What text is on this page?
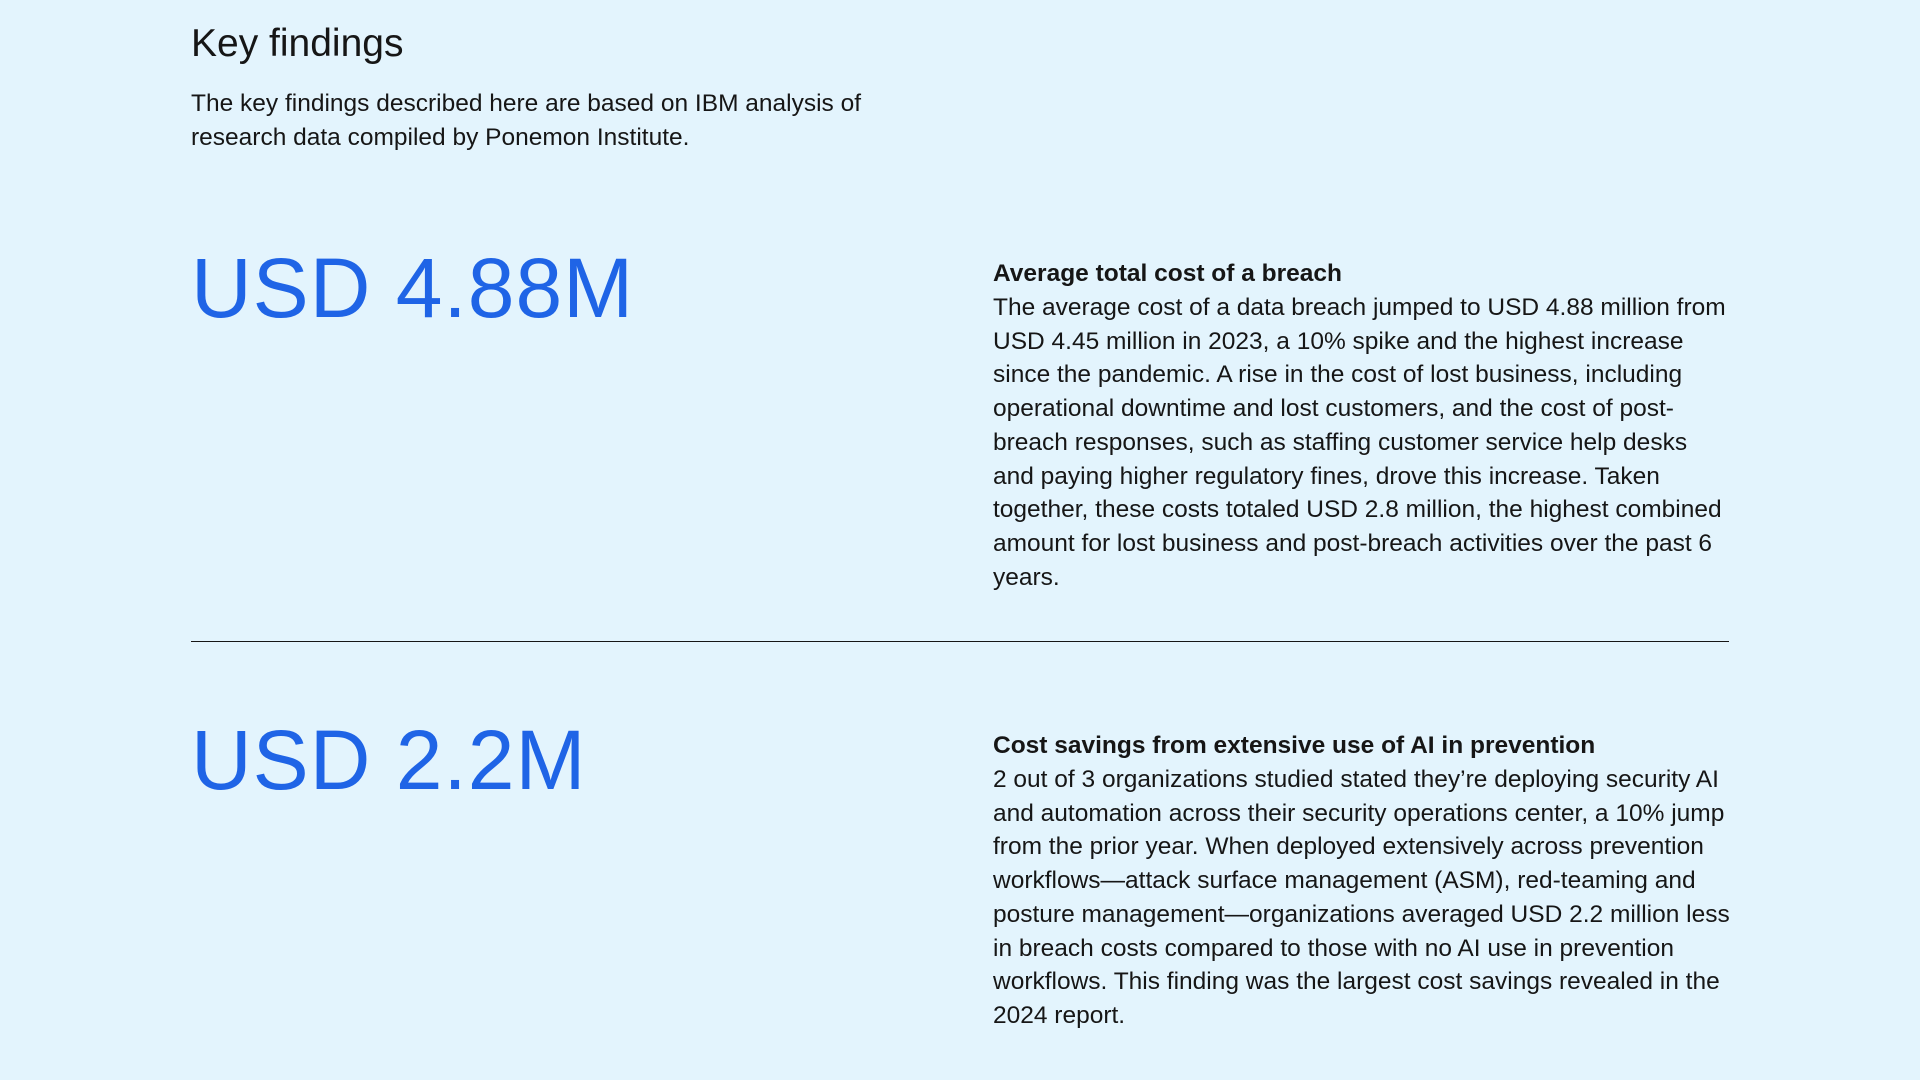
Key findings

The key findings described here are based on IBM analysis of research data compiled by Ponemon Institute.

USD 4.88M	Average total cost of a breach

The average cost of a data breach jumped to USD 4.88 million from USD 4.45 million in 2023, a 10% spike and the highest increase since the pandemic. A rise in the cost of lost business, including operational downtime and lost customers, and the cost of post-breach responses, such as staffing customer service help desks and paying higher regulatory fines, drove this increase. Taken together, these costs totaled USD 2.8 million, the highest combined amount for lost business and post-breach activities over the past 6 years.

USD 2.2M	Cost savings from extensive use of AI in prevention

2 out of 3 organizations studied stated they’re deploying security AI and automation across their security operations center, a 10% jump from the prior year. When deployed extensively across prevention workflows—attack surface management (ASM), red-teaming and posture management—organizations averaged USD 2.2 million less in breach costs compared to those with no AI use in prevention workflows. This finding was the largest cost savings revealed in the 2024 report.
